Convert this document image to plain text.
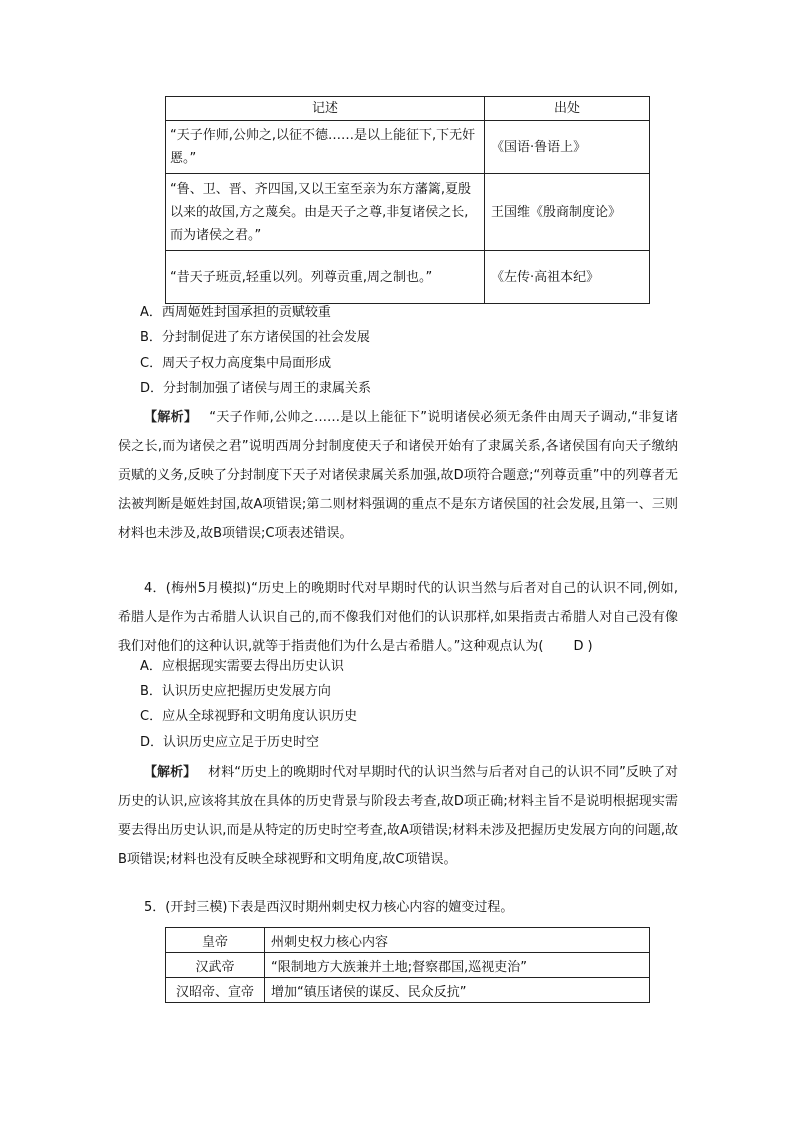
记述	出处
“天子作师,公帅之,以征不德……是以上能征下,下无奸慝。”	《国语·鲁语上》
“鲁、卫、晋、齐四国,又以王室至亲为东方藩篱,夏殷以来的故国,方之蔑矣。由是天子之尊,非复诸侯之长,而为诸侯之君。”	王国维《殷商制度论》
“昔天子班贡,轻重以列。列尊贡重,周之制也。”	《左传·高祖本纪》
A．西周姬姓封国承担的贡赋较重
B．分封制促进了东方诸侯国的社会发展
C．周天子权力高度集中局面形成
D．分封制加强了诸侯与周王的隶属关系
【解析】 “天子作师,公帅之……是以上能征下”说明诸侯必须无条件由周天子调动,“非复诸侯之长,而为诸侯之君”说明西周分封制度使天子和诸侯开始有了隶属关系,各诸侯国有向天子缴纳贡赋的义务,反映了分封制度下天子对诸侯隶属关系加强,故D项符合题意;“列尊贡重”中的列尊者无法被判断是姬姓封国,故A项错误;第二则材料强调的重点不是东方诸侯国的社会发展,且第一、三则材料也未涉及,故B项错误;C项表述错误。
4．(梅州5月模拟)“历史上的晚期时代对早期时代的认识当然与后者对自己的认识不同,例如,希腊人是作为古希腊人认识自己的,而不像我们对他们的认识那样,如果指责古希腊人对自己没有像我们对他们的这种认识,就等于指责他们为什么是古希腊人。”这种观点认为( D )
A．应根据现实需要去得出历史认识
B．认识历史应把握历史发展方向
C．应从全球视野和文明角度认识历史
D．认识历史应立足于历史时空
【解析】 材料“历史上的晚期时代对早期时代的认识当然与后者对自己的认识不同”反映了对历史的认识,应该将其放在具体的历史背景与阶段去考查,故D项正确;材料主旨不是说明根据现实需要去得出历史认识,而是从特定的历史时空考查,故A项错误;材料未涉及把握历史发展方向的问题,故B项错误;材料也没有反映全球视野和文明角度,故C项错误。
5．(开封三模)下表是西汉时期州刺史权力核心内容的嬗变过程。
皇帝	州刺史权力核心内容
汉武帝	“限制地方大族兼并土地;督察郡国,巡视吏治”
汉昭帝、宣帝	增加“镇压诸侯的谋反、民众反抗”
